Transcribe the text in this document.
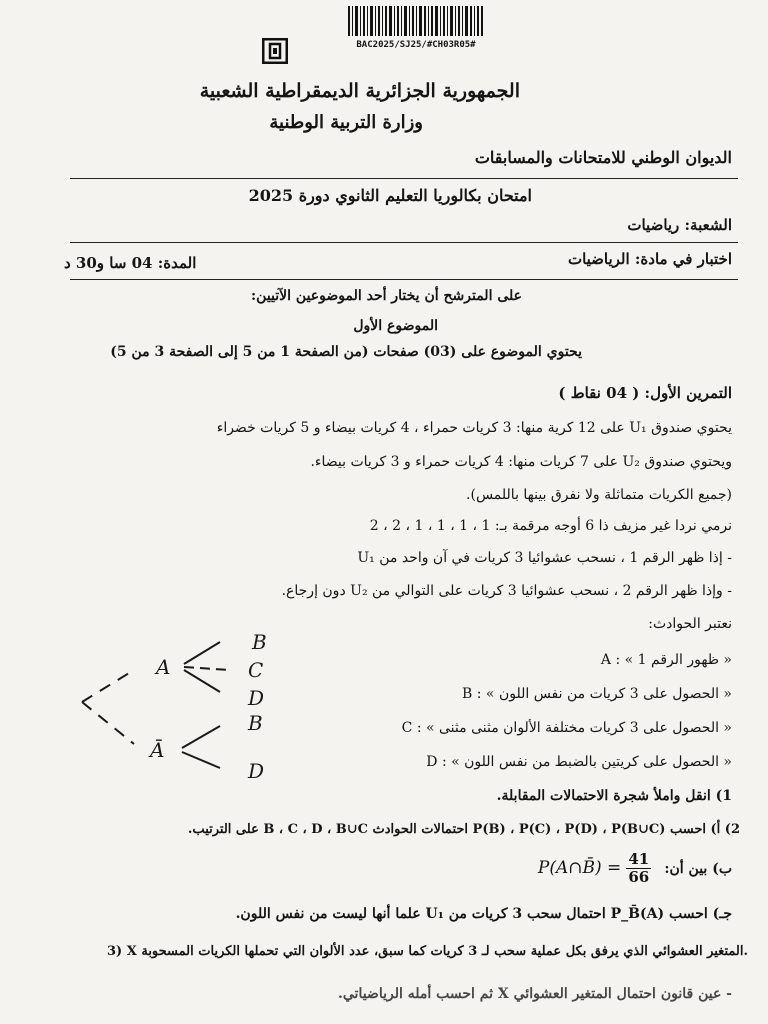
BAC2025/SJ25/#CH03R05#
الجمهورية الجزائرية الديمقراطية الشعبية
وزارة التربية الوطنية
الديوان الوطني للامتحانات والمسابقات
امتحان بكالوريا التعليم الثانوي دورة 2025
الشعبة: رياضيات
اختبار في مادة: الرياضيات
المدة: 04 سا و30 د
على المترشح أن يختار أحد الموضوعين الآتيين:
الموضوع الأول
يحتوي الموضوع على (03) صفحات (من الصفحة 1 من 5 إلى الصفحة 3 من 5)
التمرين الأول: ( 04 نقاط )
يحتوي صندوق U₁ على 12 كرية منها: 3 كريات حمراء ، 4 كريات بيضاء و 5 كريات خضراء
ويحتوي صندوق U₂ على 7 كريات منها: 4 كريات حمراء و 3 كريات بيضاء.
(جميع الكريات متماثلة ولا نفرق بينها باللمس).
نرمي نردا غير مزيف ذا 6 أوجه مرقمة بـ: 1 ، 1 ، 1 ، 1 ، 2 ، 2
- إذا ظهر الرقم 1 ، نسحب عشوائيا 3 كريات في آن واحد من U₁
- وإذا ظهر الرقم 2 ، نسحب عشوائيا 3 كريات على التوالي من U₂ دون إرجاع.
نعتبر الحوادث:
A : « ظهور الرقم 1 »
B : « الحصول على 3 كريات من نفس اللون »
C : « الحصول على 3 كريات مختلفة الألوان مثنى مثنى »
D : « الحصول على كريتين بالضبط من نفس اللون »
A
Ā
B
C
D
B
D
1) انقل واملأ شجرة الاحتمالات المقابلة.
2) أ) احسب P(B) ، P(C) ، P(D) ، P(B∪C) احتمالات الحوادث B ، C ، D ، B∪C على الترتيب.
ب) بين أن: P(A∩B̄) = $\frac{41}{66}$
جـ) احسب P_B̄(A) احتمال سحب 3 كريات من U₁ علما أنها ليست من نفس اللون.
3) X المتغير العشوائي الذي يرفق بكل عملية سحب لـ 3 كريات كما سبق، عدد الألوان التي تحملها الكريات المسحوبة.
- عين قانون احتمال المتغير العشوائي X ثم احسب أمله الرياضياتي.
